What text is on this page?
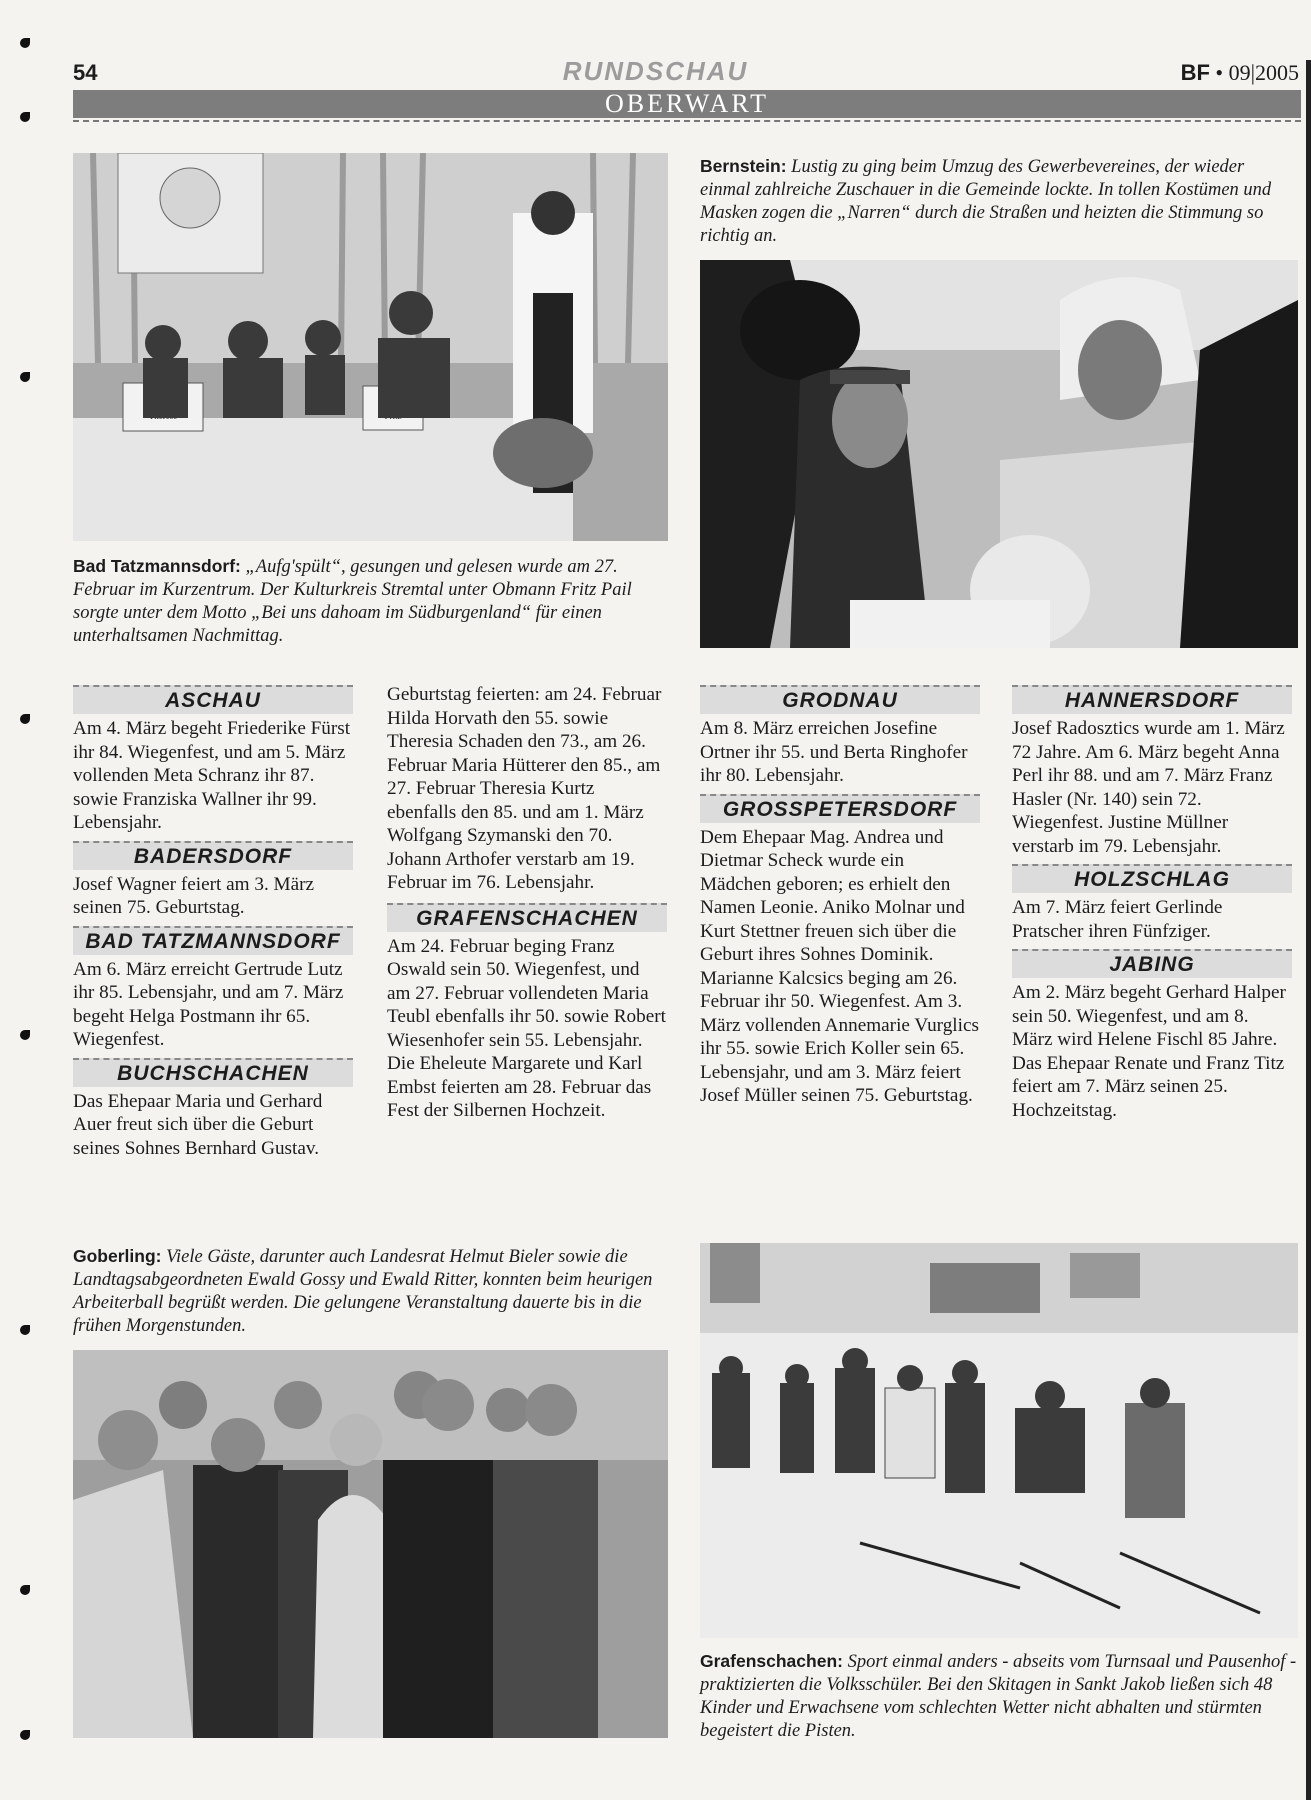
54	RUNDSCHAU	BF • 09|2005
OBERWART
Bad Tatzmannsdorf: „Aufg'spült“, gesungen und gelesen wurde am 27. Februar im Kurzentrum. Der Kulturkreis Stremtal unter Obmann Fritz Pail sorgte unter dem Motto „Bei uns dahoam im Südburgenland“ für einen unterhaltsamen Nachmittag.
Bernstein: Lustig zu ging beim Umzug des Gewerbevereines, der wieder einmal zahlreiche Zuschauer in die Gemeinde lockte. In tollen Kostümen und Masken zogen die „Narren“ durch die Straßen und heizten die Stimmung so richtig an.
ASCHAU
Am 4. März begeht Friederike Fürst ihr 84. Wiegenfest, und am 5. März vollenden Meta Schranz ihr 87. sowie Franziska Wallner ihr 99. Lebensjahr.
BADERSDORF
Josef Wagner feiert am 3. März seinen 75. Geburtstag.
BAD TATZMANNSDORF
Am 6. März erreicht Gertrude Lutz ihr 85. Lebensjahr, und am 7. März begeht Helga Postmann ihr 65. Wiegenfest.
BUCHSCHACHEN
Das Ehepaar Maria und Gerhard Auer freut sich über die Geburt seines Sohnes Bernhard Gustav.
Geburtstag feierten: am 24. Februar Hilda Horvath den 55. sowie Theresia Schaden den 73., am 26. Februar Maria Hütterer den 85., am 27. Februar Theresia Kurtz ebenfalls den 85. und am 1. März Wolfgang Szymanski den 70. Johann Arthofer verstarb am 19. Februar im 76. Lebensjahr.
GRAFENSCHACHEN
Am 24. Februar beging Franz Oswald sein 50. Wiegenfest, und am 27. Februar vollendeten Maria Teubl ebenfalls ihr 50. sowie Robert Wiesenhofer sein 55. Lebensjahr. Die Eheleute Margarete und Karl Embst feierten am 28. Februar das Fest der Silbernen Hochzeit.
GRODNAU
Am 8. März erreichen Josefine Ortner ihr 55. und Berta Ringhofer ihr 80. Lebensjahr.
GROSSPETERSDORF
Dem Ehepaar Mag. Andrea und Dietmar Scheck wurde ein Mädchen geboren; es erhielt den Namen Leonie. Aniko Molnar und Kurt Stettner freuen sich über die Geburt ihres Sohnes Dominik. Marianne Kalcsics beging am 26. Februar ihr 50. Wiegenfest. Am 3. März vollenden Annemarie Vurglics ihr 55. sowie Erich Koller sein 65. Lebensjahr, und am 3. März feiert Josef Müller seinen 75. Geburtstag.
HANNERSDORF
Josef Radosztics wurde am 1. März 72 Jahre. Am 6. März begeht Anna Perl ihr 88. und am 7. März Franz Hasler (Nr. 140) sein 72. Wiegenfest. Justine Müllner verstarb im 79. Lebensjahr.
HOLZSCHLAG
Am 7. März feiert Gerlinde Pratscher ihren Fünfziger.
JABING
Am 2. März begeht Gerhard Halper sein 50. Wiegenfest, und am 8. März wird Helene Fischl 85 Jahre. Das Ehepaar Renate und Franz Titz feiert am 7. März seinen 25. Hochzeitstag.
Goberling: Viele Gäste, darunter auch Landesrat Helmut Bieler sowie die Landtagsabgeordneten Ewald Gossy und Ewald Ritter, konnten beim heurigen Arbeiterball begrüßt werden. Die gelungene Veranstaltung dauerte bis in die frühen Morgenstunden.
Grafenschachen: Sport einmal anders - abseits vom Turnsaal und Pausenhof - praktizierten die Volksschüler. Bei den Skitagen in Sankt Jakob ließen sich 48 Kinder und Erwachsene vom schlechten Wetter nicht abhalten und stürmten begeistert die Pisten.
